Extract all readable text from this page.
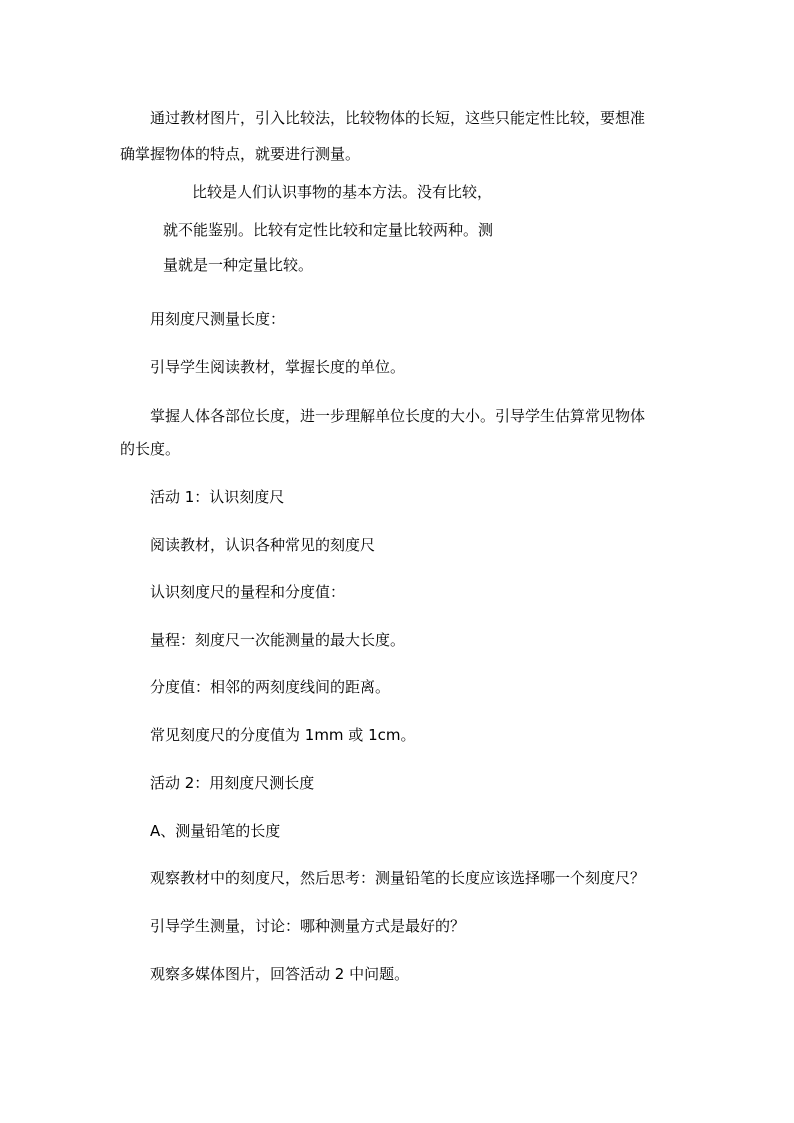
通过教材图片，引入比较法，比较物体的长短，这些只能定性比较，要想准
确掌握物体的特点，就要进行测量。
比较是人们认识事物的基本方法。没有比较，
就不能鉴别。比较有定性比较和定量比较两种。测
量就是一种定量比较。
用刻度尺测量长度：
引导学生阅读教材，掌握长度的单位。
掌握人体各部位长度，进一步理解单位长度的大小。引导学生估算常见物体
的长度。
活动 1：认识刻度尺
阅读教材，认识各种常见的刻度尺
认识刻度尺的量程和分度值：
量程：刻度尺一次能测量的最大长度。
分度值：相邻的两刻度线间的距离。
常见刻度尺的分度值为 1mm 或 1cm。
活动 2：用刻度尺测长度
A、测量铅笔的长度
观察教材中的刻度尺，然后思考：测量铅笔的长度应该选择哪一个刻度尺？
引导学生测量，讨论：哪种测量方式是最好的？
观察多媒体图片，回答活动 2 中问题。
